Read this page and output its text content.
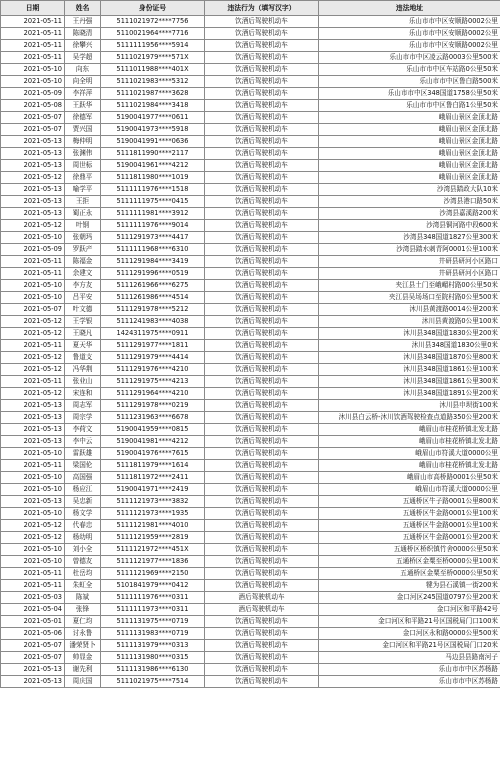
日期	姓名	身份证号	违法行为（填写汉字）	违法地址
2021-05-11	王丹强	5111021972****7756	饮酒后驾驶机动车	乐山市市中区安顺路0002公里
2021-05-11	陈晓清	5110021964****7716	饮酒后驾驶机动车	乐山市市中区安顺路0002公里
2021-05-11	徐攀兴	5111111956****5914	饮酒后驾驶机动车	乐山市市中区安顺路0002公里
2021-05-11	吴学超	5111021979****571X	饮酒后驾驶机动车	乐山市市中区凌云路0003公里500米
2021-05-10	向东	5111011988****401X	饮酒后驾驶机动车	乐山市市中区车站路0公里50米
2021-05-10	向全明	5111021983****5312	饮酒后驾驶机动车	乐山市市中区鲁白路500米
2021-05-09	李祥萍	5111021987****3628	饮酒后驾驶机动车	乐山市市中区348国道1758公里50米
2021-05-08	王跃华	5111021984****3418	饮酒后驾驶机动车	乐山市市中区鲁白路1公里50米
2021-05-07	徐德军	5190041977****0611	饮酒后驾驶机动车	峨眉山景区金顶北路
2021-05-07	贾兴国	5190041973****5918	饮酒后驾驶机动车	峨眉山景区金顶北路
2021-05-13	梅仲明	5190041991****0636	饮酒后驾驶机动车	峨眉山景区金顶北路
2021-05-13	张渊伟	5111811990****2117	饮酒后驾驶机动车	峨眉山景区金顶北路
2021-05-13	周世标	5190041961****4212	饮酒后驾驶机动车	峨眉山景区金顶北路
2021-05-12	徐鼎平	5111811980****1019	饮酒后驾驶机动车	峨眉山景区金顶北路
2021-05-13	喻学平	5111111976****1518	饮酒后驾驶机动车	沙湾县踏政大队10米
2021-05-13	王拒	5111111975****0415	饮酒后驾驶机动车	沙湾县港口路50米
2021-05-13	蜀正永	5111111981****3912	饮酒后驾驶机动车	沙湾县嘉溪路200米
2021-05-12	叶钢	5111111976****9014	饮酒后驾驶机动车	沙湾县铜河路中段600米
2021-05-10	张朝玛	5111291973****4417	饮酒后驾驶机动车	沙湾县348国道1827公里300米
2021-05-09	罗跃产	5111111968****6310	饮酒后驾驶机动车	沙湾县踏水刺青阿0001公里100米
2021-05-11	陈福金	5111291984****3419	饮酒后驾驶机动车	井研县研河小区路口
2021-05-11	余建文	5111291996****0519	饮酒后驾驶机动车	井研县研河小区路口
2021-05-10	李方友	5111261966****6275	饮酒后驾驶机动车	夹江县土门至峨嵋村路00公里50米
2021-05-10	吕平安	5111261986****4514	饮酒后驾驶机动车	夹江县吴场场口至院村路0公里500米
2021-05-07	叶文德	5111291978****5212	饮酒后驾驶机动车	沐川县黄渡路0014公里200米
2021-05-12	王学银	5111241983****4038	饮酒后驾驶机动车	沐川县黄渡路0公里100米
2021-05-12	王晓凡	1424311975****0911	饮酒后驾驶机动车	沐川县348国道1830公里200米
2021-05-11	夏天华	5111291977****1811	饮酒后驾驶机动车	沐川县348国道1830公里0米
2021-05-12	鲁道支	5111291979****4414	饮酒后驾驶机动车	沐川县348国道1870公里800米
2021-05-12	冯华荆	5111291976****4210	饮酒后驾驶机动车	沐川县348国道1861公里100米
2021-05-11	张业山	5111291975****4213	饮酒后驾驶机动车	沐川县348国道1861公里300米
2021-05-12	宋连和	5111291964****4210	饮酒后驾驶机动车	沐川县348国道1891公里200米
2021-05-13	周志军	5111291978****0219	饮酒后驾驶机动车	沐川县申坝街100米
2021-05-13	周宗学	5111231963****6678	饮酒后驾驶机动车	沐川县白云桥-沐川饮酒驾驶检查点道路350公里200米
2021-05-13	李荷文	5190041959****0815	饮酒后驾驶机动车	峨眉山市桂花桥镇北发北路
2021-05-13	李中云	5190041981****4212	饮酒后驾驶机动车	峨眉山市桂花桥镇北发北路
2021-05-10	雷跃雄	5190041976****7615	饮酒后驾驶机动车	峨眉山市符溪大道0000公里
2021-05-11	梁国伦	5111811979****1614	饮酒后驾驶机动车	峨眉山市桂花桥镇北发北路
2021-05-10	高国强	5111811972****2411	饮酒后驾驶机动车	峨眉山市高桥路0001公里50米
2021-05-10	杨应江	5190041971****2419	饮酒后驾驶机动车	峨眉山市符溪大道0000公里
2021-05-13	吴忠新	5111121973****3832	饮酒后驾驶机动车	五通桥区牛子路0001公里800米
2021-05-10	杨文学	5111121973****1935	饮酒后驾驶机动车	五通桥区牛金路0001公里100米
2021-05-12	代春忠	5111121981****4010	饮酒后驾驶机动车	五通桥区牛金路0001公里100米
2021-05-12	杨幼明	5111121959****2819	饮酒后驾驶机动车	五通桥区牛金路0001公里200米
2021-05-10	刘小全	5111121972****451X	饮酒后驾驶机动车	五通桥区桥织镇竹舍0000公里50米
2021-05-10	曾德友	5111121977****1836	饮酒后驾驶机动车	五通桥区金粟至桥0000公里100米
2021-05-11	杜岳均	5111121969****2150	饮酒后驾驶机动车	五通桥区金粟至桥0000公里50米
2021-05-11	朱虹全	5101841979****0412	饮酒后驾驶机动车	犍为县石溪镇一街200米
2021-05-03	陈斌	5111111976****0311	酒后驾驶机动车	金口河区245国道0797公里200米
2021-05-04	张锋	5111111973****0311	酒后驾驶机动车	金口河区和平路42号
2021-05-01	夏仁均	5111131975****0719	饮酒后驾驶机动车	金口河区和平路21号区国税局门口100米
2021-05-06	讨永鲁	5111131983****0719	饮酒后驾驶机动车	金口河区永和路0000公里500米
2021-05-07	潘荣贤卜	5111131979****0313	饮酒后驾驶机动车	金口河区和平路21号区国税局门口20米
2021-05-07	帅显金	5111131980****0315	饮酒后驾驶机动车	马边县县路南河子
2021-05-13	谢先利	5111131986****6130	饮酒后驾驶机动车	乐山市市中区苏杨路
2021-05-13	周庆国	5111021975****7514	饮酒后驾驶机动车	乐山市市中区苏杨路
